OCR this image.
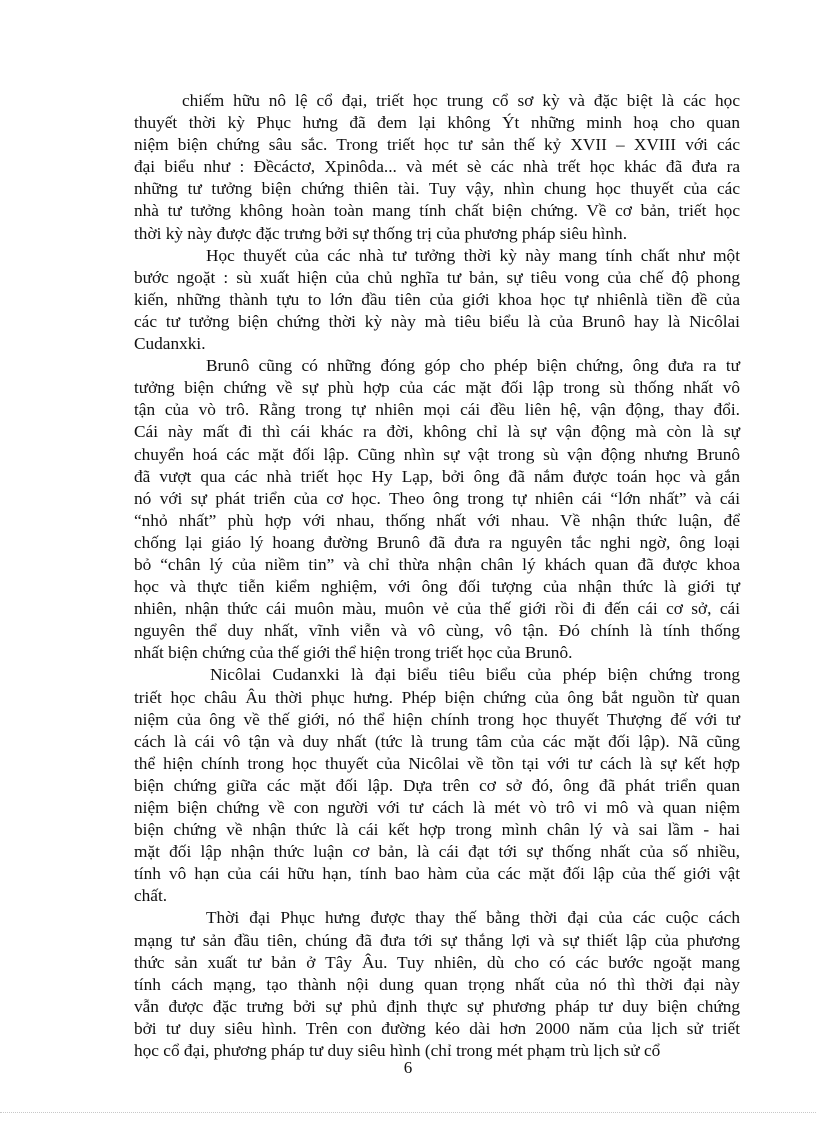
chiếm hữu nô lệ cổ đại, triết học trung cổ sơ kỳ và đặc biệt là các học
thuyết thời kỳ Phục hưng đã đem lại không Ýt những minh hoạ cho quan
niệm biện chứng sâu sắc. Trong triết học tư sản thế kỷ XVII – XVIII với các
đại biểu như : Đềcáctơ, Xpinôda... và mét sè các nhà trết học khác đã đưa ra
những tư tưởng biện chứng thiên tài. Tuy vậy, nhìn chung học thuyết của các
nhà tư tưởng không hoàn toàn mang tính chất biện chứng. Về cơ bản, triết học
thời kỳ này được đặc trưng bởi sự thống trị của phương pháp siêu hình.
Học thuyết của các nhà tư tưởng thời kỳ này mang tính chất như một
bước ngoặt : sù xuất hiện của chủ nghĩa tư bản, sự tiêu vong của chế độ phong
kiến, những thành tựu to lớn đầu tiên của giới khoa học tự nhiênlà tiền đề của
các tư tưởng biện chứng thời kỳ này mà tiêu biểu là của Brunô hay là Nicôlai
Cudanxki.
Brunô cũng có những đóng góp cho phép biện chứng, ông đưa ra tư
tưởng biện chứng về sự phù hợp của các mặt đối lập trong sù thống nhất vô
tận của vò trô. Rằng trong tự nhiên mọi cái đều liên hệ, vận động, thay đổi.
Cái này mất đi thì cái khác ra đời, không chỉ là sự vận động mà còn là sự
chuyển hoá các mặt đối lập. Cũng nhìn sự vật trong sù vận động nhưng Brunô
đã vượt qua các nhà triết học Hy Lạp, bởi ông đã nắm được toán học và gắn
nó với sự phát triển của cơ học. Theo ông trong tự nhiên cái “lớn nhất” và cái
“nhỏ nhất” phù hợp với nhau, thống nhất với nhau. Về nhận thức luận, để
chống lại giáo lý hoang đường Brunô đã đưa ra nguyên tắc nghi ngờ, ông loại
bỏ “chân lý của niềm tin” và chỉ thừa nhận chân lý khách quan đã được khoa
học và thực tiễn kiểm nghiệm, với ông đối tượng của nhận thức là giới tự
nhiên, nhận thức cái muôn màu, muôn vẻ của thế giới rồi đi đến cái cơ sở, cái
nguyên thể duy nhất, vĩnh viễn và vô cùng, vô tận. Đó chính là tính thống
nhất biện chứng của thế giới thể hiện trong triết học của Brunô.
Nicôlai Cudanxki là đại biểu tiêu biểu của phép biện chứng trong
triết học châu Âu thời phục hưng. Phép biện chứng của ông bắt nguồn từ quan
niệm của ông về thế giới, nó thể hiện chính trong học thuyết Thượng đế với tư
cách là cái vô tận và duy nhất (tức là trung tâm của các mặt đối lập). Nã cũng
thể hiện chính trong học thuyết của Nicôlai về tồn tại với tư cách là sự kết hợp
biện chứng giữa các mặt đối lập. Dựa trên cơ sở đó, ông đã phát triển quan
niệm biện chứng về con người với tư cách là mét vò trô vi mô và quan niệm
biện chứng về nhận thức là cái kết hợp trong mình chân lý và sai lầm - hai
mặt đối lập nhận thức luận cơ bản, là cái đạt tới sự thống nhất của số nhiều,
tính vô hạn của cái hữu hạn, tính bao hàm của các mặt đối lập của thế giới vật
chất.
Thời đại Phục hưng được thay thế bằng thời đại của các cuộc cách
mạng tư sản đầu tiên, chúng đã đưa tới sự thắng lợi và sự thiết lập của phương
thức sản xuất tư bản ở Tây Âu. Tuy nhiên, dù cho có các bước ngoặt mang
tính cách mạng, tạo thành nội dung quan trọng nhất của nó thì thời đại này
vẫn được đặc trưng bởi sự phủ định thực sự phương pháp tư duy biện chứng
bởi tư duy siêu hình. Trên con đường kéo dài hơn 2000 năm của lịch sử triết
học cổ đại, phương pháp tư duy siêu hình (chỉ trong mét phạm trù lịch sử cổ
6
